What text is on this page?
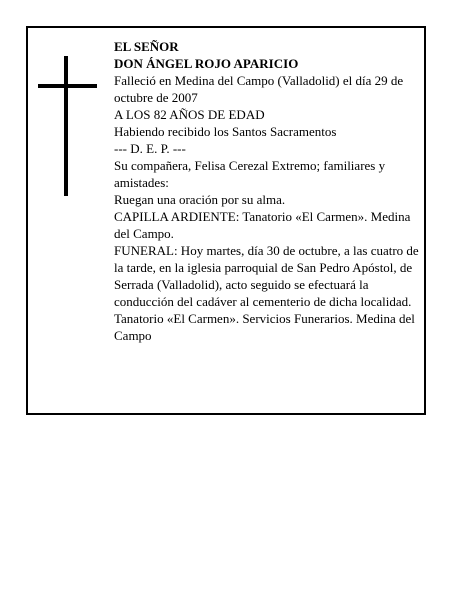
EL SEÑOR

DON ÁNGEL ROJO APARICIO

Falleció en Medina del Campo (Valladolid) el día 29 de octubre de 2007

A LOS 82 AÑOS DE EDAD

Habiendo recibido los Santos Sacramentos

--- D. E. P. ---

Su compañera, Felisa Cerezal Extremo; familiares y amistades:

Ruegan una oración por su alma.

CAPILLA ARDIENTE: Tanatorio «El Carmen». Medina del Campo.

FUNERAL: Hoy martes, día 30 de octubre, a las cuatro de la tarde, en la iglesia parroquial de San Pedro Apóstol, de Serrada (Valladolid), acto seguido se efectuará la conducción del cadáver al cementerio de dicha localidad.

Tanatorio «El Carmen». Servicios Funerarios. Medina del Campo
